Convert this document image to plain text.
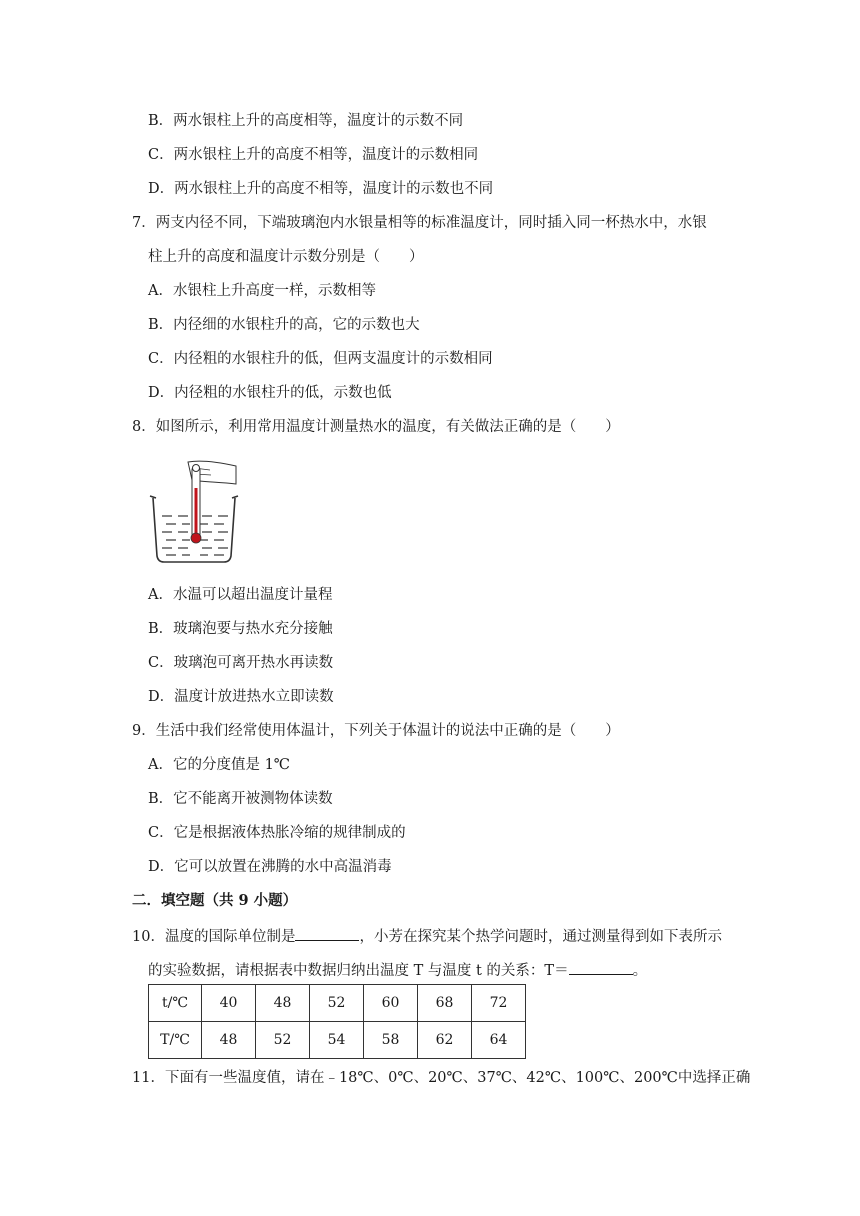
B．两水银柱上升的高度相等，温度计的示数不同
C．两水银柱上升的高度不相等，温度计的示数相同
D．两水银柱上升的高度不相等，温度计的示数也不同
7．两支内径不同，下端玻璃泡内水银量相等的标准温度计，同时插入同一杯热水中，水银
柱上升的高度和温度计示数分别是（　　）
A．水银柱上升高度一样，示数相等
B．内径细的水银柱升的高，它的示数也大
C．内径粗的水银柱升的低，但两支温度计的示数相同
D．内径粗的水银柱升的低，示数也低
8．如图所示，利用常用温度计测量热水的温度，有关做法正确的是（　　）
A．水温可以超出温度计量程
B．玻璃泡要与热水充分接触
C．玻璃泡可离开热水再读数
D．温度计放进热水立即读数
9．生活中我们经常使用体温计，下列关于体温计的说法中正确的是（　　）
A．它的分度值是 1℃
B．它不能离开被测物体读数
C．它是根据液体热胀冷缩的规律制成的
D．它可以放置在沸腾的水中高温消毒
二．填空题（共 9 小题）
10．温度的国际单位制是	，小芳在探究某个热学问题时，通过测量得到如下表所示
的实验数据，请根据表中数据归纳出温度 T 与温度 t 的关系：T＝	。
t/℃	40	48	52	60	68	72
T/℃	48	52	54	58	62	64
11．下面有一些温度值，请在﹣18℃、0℃、20℃、37℃、42℃、100℃、200℃中选择正确
